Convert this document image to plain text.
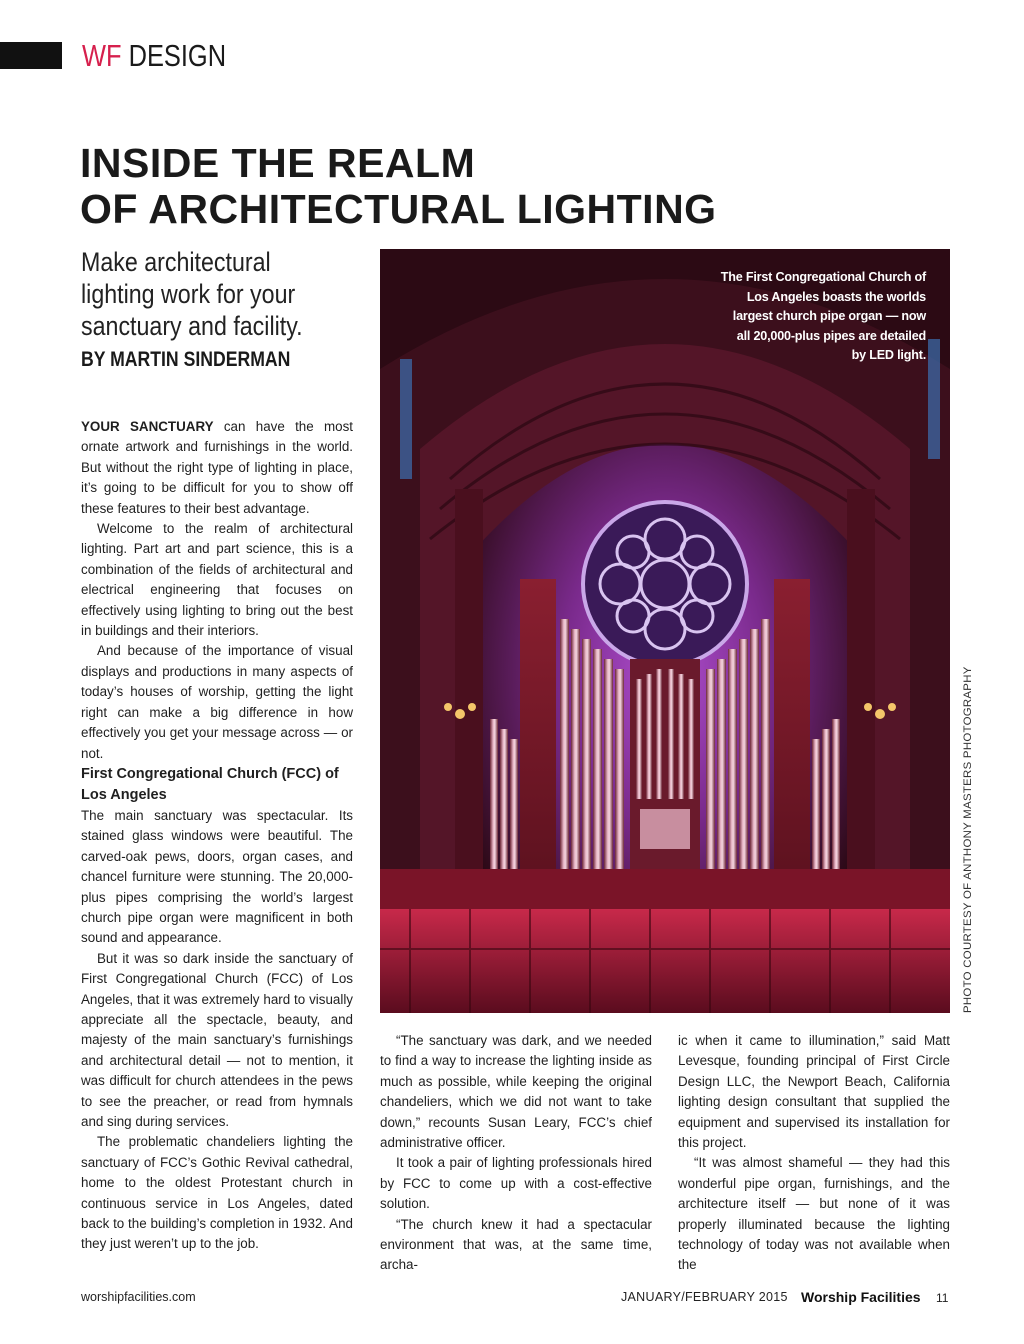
WF DESIGN
INSIDE THE REALM
OF ARCHITECTURAL LIGHTING
Make architectural lighting work for your sanctuary and facility.
BY MARTIN SINDERMAN
The First Congregational Church of Los Angeles boasts the worlds largest church pipe organ — now all 20,000-plus pipes are detailed by LED light.
PHOTO COURTESY OF ANTHONY MASTERS PHOTOGRAPHY

YOUR SANCTUARY can have the most ornate artwork and furnishings in the world. But without the right type of lighting in place, it’s going to be difficult for you to show off these features to their best advantage.

Welcome to the realm of architectural lighting. Part art and part science, this is a combination of the fields of architectural and electrical engineering that focuses on effectively using lighting to bring out the best in buildings and their interiors.

And because of the importance of visual displays and productions in many aspects of today’s houses of worship, getting the light right can make a big difference in how effectively you get your message across — or not.

First Congregational Church (FCC) of Los Angeles

The main sanctuary was spectacular. Its stained glass windows were beautiful. The carved-oak pews, doors, organ cases, and chancel furniture were stunning. The 20,000-plus pipes comprising the world’s largest church pipe organ were magnificent in both sound and appearance.

But it was so dark inside the sanctuary of First Congregational Church (FCC) of Los Angeles, that it was extremely hard to visually appreciate all the spectacle, beauty, and majesty of the main sanctuary’s furnishings and architectural detail — not to mention, it was difficult for church attendees in the pews to see the preacher, or read from hymnals and sing during services.

The problematic chandeliers lighting the sanctuary of FCC’s Gothic Revival cathedral, home to the oldest Protestant church in continuous service in Los Angeles, dated back to the building’s completion in 1932. And they just weren’t up to the job.

“The sanctuary was dark, and we needed to find a way to increase the lighting inside as much as possible, while keeping the original chandeliers, which we did not want to take down,” recounts Susan Leary, FCC’s chief administrative officer.

It took a pair of lighting professionals hired by FCC to come up with a cost-effective solution.

“The church knew it had a spectacular environment that was, at the same time, archa-

ic when it came to illumination,” said Matt Levesque, founding principal of First Circle Design LLC, the Newport Beach, California lighting design consultant that supplied the equipment and supervised its installation for this project.

“It was almost shameful — they had this wonderful pipe organ, furnishings, and the architecture itself — but none of it was properly illuminated because the lighting technology of today was not available when the

worshipfacilities.com	JANUARY/FEBRUARY 2015 Worship Facilities 11
